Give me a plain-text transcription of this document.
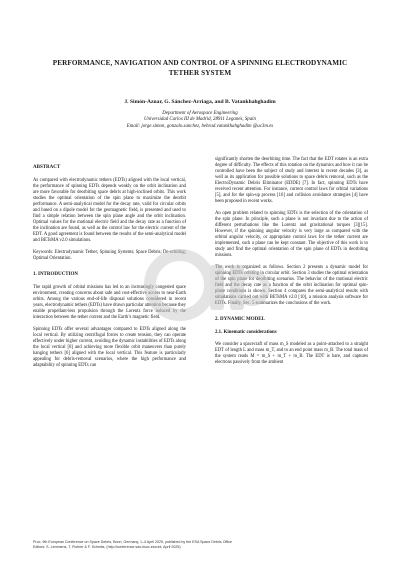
PERFORMANCE, NAVIGATION AND CONTROL OF A SPINNING ELECTRODYNAMIC
TETHER SYSTEM
J. Simón-Aznar, G. Sánchez-Arriaga, and B. Vatankhahghadim
Department of Aerospace Engineering
Universidad Carlos III de Madrid, 28911 Leganés, Spain
Email: jorge.simon, gonzalo.sanchez, behrad.vatankhahghadim @uc3m.es
ABSTRACT

As compared with electrodynamic tethers (EDTs) aligned with the local vertical, the performance of spinning EDTs depends weakly on the orbit inclination and are more favorable for deorbiting space debris at high-inclined orbits. This work studies the optimal orientation of the spin plane to maximize the deorbit performance. A semi-analytical model for the decay rate, valid for circular orbits and based on a dipole model for the geomagnetic field, is presented and used to find a simple relation between the spin plane angle and the orbit inclination. Optimal values for the motional electric field and the decay rate as a function of the inclination are found, as well as the control law for the electric current of the EDT. A good agreement is found between the results of the semi-analytical model and BETsMA v2.0 simulations.

Keywords: Electrodynamic Tether; Spinning Systems; Space Debris; De-orbiting; Optimal Orientation.

1. INTRODUCTION

The rapid growth of orbital missions has led to an increasingly congested space environment, creating concerns about safe and cost-effective access to near-Earth orbits. Among the various end-of-life disposal solutions considered in recent years, electrodynamic tethers (EDTs) have drawn particular attention because they enable propellant-less propulsion through the Lorentz force induced by the interaction between the tether current and the Earth’s magnetic field.

Spinning EDTs offer several advantages compared to EDTs aligned along the local vertical. By utilizing centrifugal forces to create tension, they can operate effectively under higher current, avoiding the dynamic instabilities of EDTs along the local vertical [8] and achieving more flexible orbit maneuvers than purely hanging tethers [6] aligned with the local vertical. This feature is particularly appealing for debris-removal scenarios, where the high performance and adaptability of spinning EDTs can

significantly shorten the deorbiting time. The fact that the EDT rotates is an extra degree of difficulty. The effects of this rotation on the dynamics and how it can be controlled have been the subject of study and interest in recent decades [3], as well as its application for possible solutions to space debris removal, such as the ElectroDynamic Debris Eliminator (EDDE) [7]. In fact, spinning EDTs have received recent attention. For instance, current control laws for orbital variations [5], and for the spin-up process [16] and collision avoidance strategies [4] have been proposed in recent works.

An open problem related to spinning EDTs is the selection of the orientation of the spin plane. In principle, such a plane is not invariant due to the action of different perturbations like the Lorentz and gravitational torques [3][15]. However, if the spinning angular velocity is very large as compared with the orbital angular velocity, or appropriate control laws for the tether current are implemented, such a plane can be kept constant. The objective of this work is to study and find the optimal orientation of the spin plane of EDTs in deorbiting missions.

The work is organized as follows. Section 2 presents a dynamic model for spinning EDTs orbiting in circular orbit. Section 3 studies the optimal orientation of the spin plane for deorbiting scenarios. The behavior of the motional electric field and the decay rate as a function of the orbit inclination for optimal spin-plane conditions is shown. Section 4 compares the semi-analytical results with simulations carried out with BETsMA v2.0 [10], a mission analysis software for EDTs. Finally, Sec. 5 summarizes the conclusions of the work.

2. DYNAMIC MODEL
2.1. Kinematic considerations

We consider a spacecraft of mass m_S modeled as a point–attached to a straight EDT of length L and mass m_T, and to an end point mass m_B. The total mass of the system reads M = m_S + m_T + m_B. The EDT is bare, and captures electrons passively from the ambient

Proc. 9th European Conference on Space Debris, Bonn, Germany, 1–4 April 2025, published by the ESA Space Debris Office
Editors: S. Lemmens, T. Flohrer & F. Schmitz, (http://conference.sdo.esoc.esa.int, April 2025)
